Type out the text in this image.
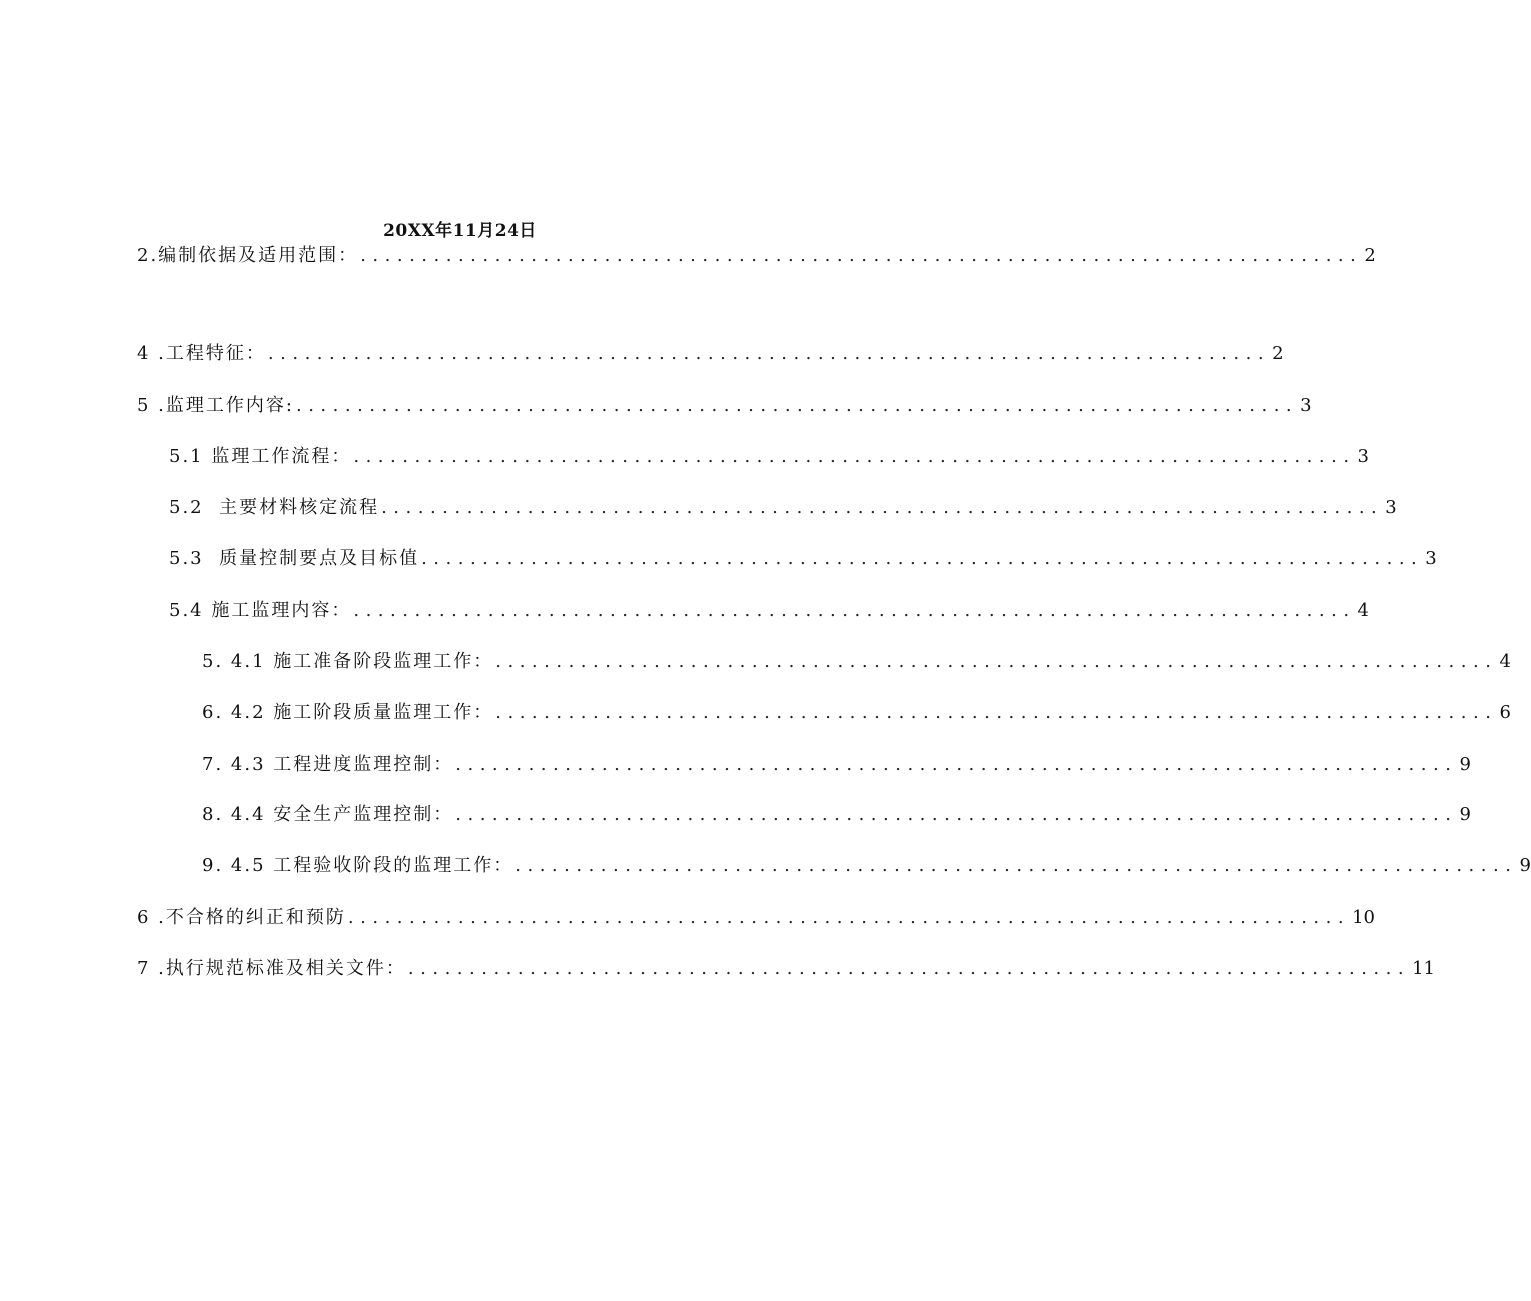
20XX年11月24日
2.编制依据及适用范围： .................................................................................. 2
4 .工程特征： .................................................................................. 2
5 .监理工作内容: .................................................................................. 3
5.1 监理工作流程： .................................................................................. 3
5.2  主要材料核定流程 .................................................................................. 3
5.3  质量控制要点及目标值 .................................................................................. 3
5.4 施工监理内容： .................................................................................. 4
5. 4.1 施工准备阶段监理工作： .................................................................................. 4
6. 4.2 施工阶段质量监理工作： .................................................................................. 6
7. 4.3 工程进度监理控制： .................................................................................. 9
8. 4.4 安全生产监理控制： .................................................................................. 9
9. 4.5 工程验收阶段的监理工作： .................................................................................. 9
6 .不合格的纠正和预防 .................................................................................. 10
7 .执行规范标准及相关文件： .................................................................................. 11
